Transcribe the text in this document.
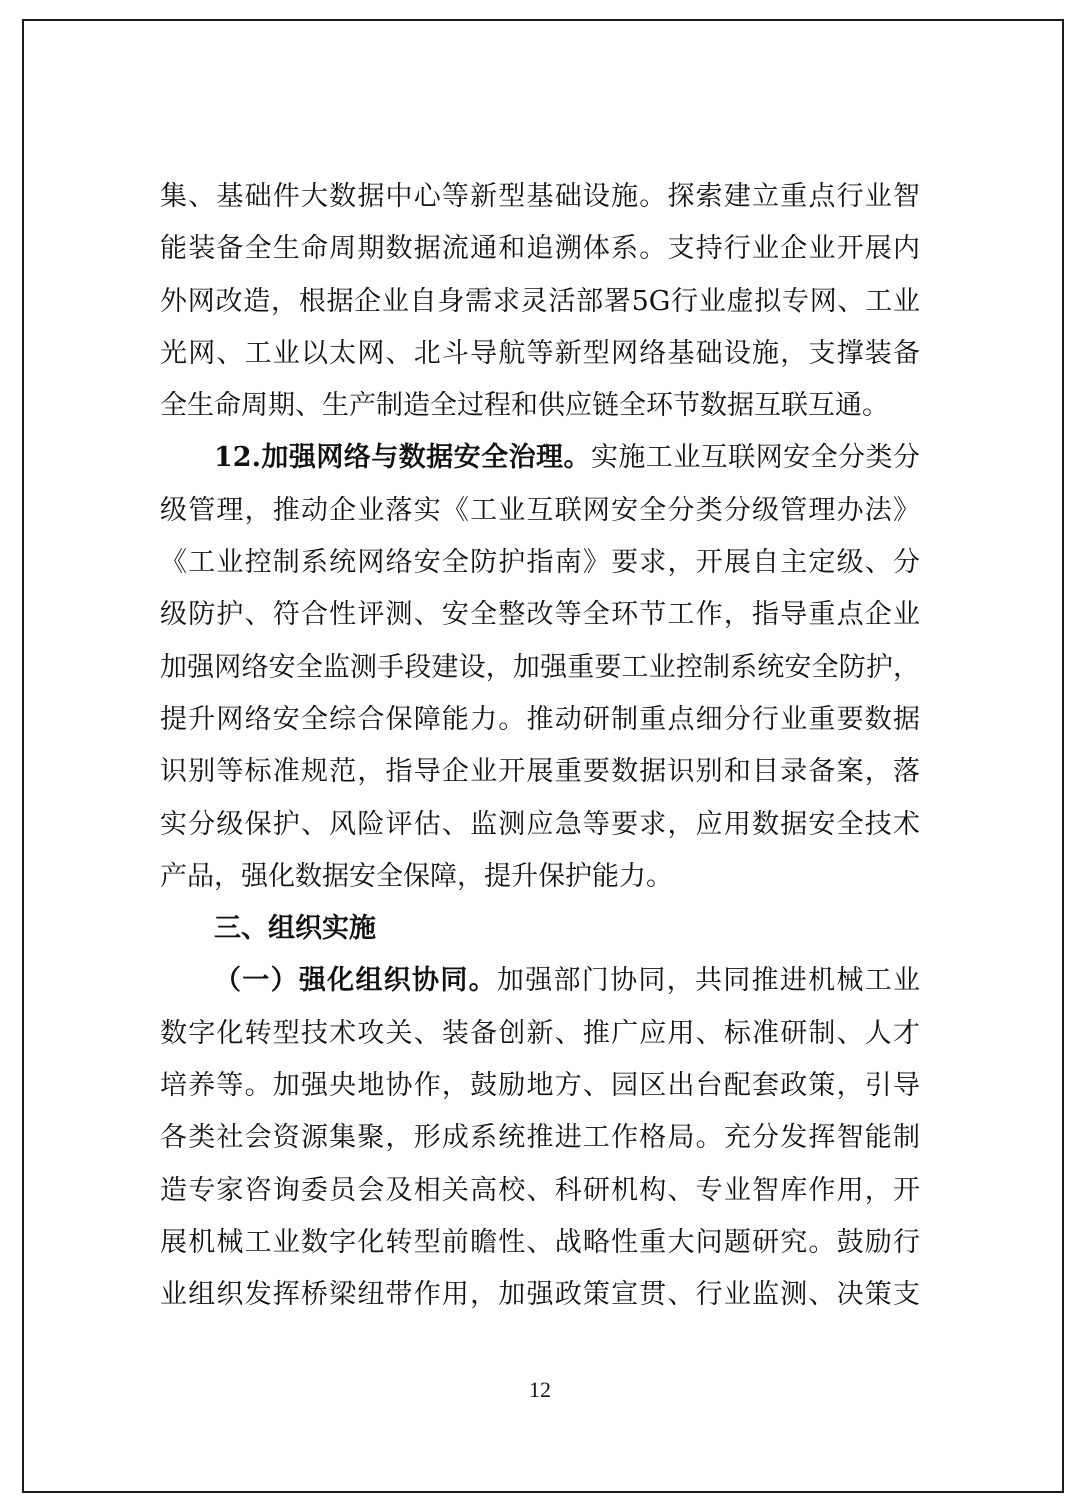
集、基础件大数据中心等新型基础设施。探索建立重点行业智
能装备全生命周期数据流通和追溯体系。支持行业企业开展内
外网改造，根据企业自身需求灵活部署5G行业虚拟专网、工业
光网、工业以太网、北斗导航等新型网络基础设施，支撑装备
全生命周期、生产制造全过程和供应链全环节数据互联互通。
12.加强网络与数据安全治理。实施工业互联网安全分类分
级管理，推动企业落实《工业互联网安全分类分级管理办法》
《工业控制系统网络安全防护指南》要求，开展自主定级、分
级防护、符合性评测、安全整改等全环节工作，指导重点企业
加强网络安全监测手段建设，加强重要工业控制系统安全防护，
提升网络安全综合保障能力。推动研制重点细分行业重要数据
识别等标准规范，指导企业开展重要数据识别和目录备案，落
实分级保护、风险评估、监测应急等要求，应用数据安全技术
产品，强化数据安全保障，提升保护能力。
三、组织实施
（一）强化组织协同。加强部门协同，共同推进机械工业
数字化转型技术攻关、装备创新、推广应用、标准研制、人才
培养等。加强央地协作，鼓励地方、园区出台配套政策，引导
各类社会资源集聚，形成系统推进工作格局。充分发挥智能制
造专家咨询委员会及相关高校、科研机构、专业智库作用，开
展机械工业数字化转型前瞻性、战略性重大问题研究。鼓励行
业组织发挥桥梁纽带作用，加强政策宣贯、行业监测、决策支
12
